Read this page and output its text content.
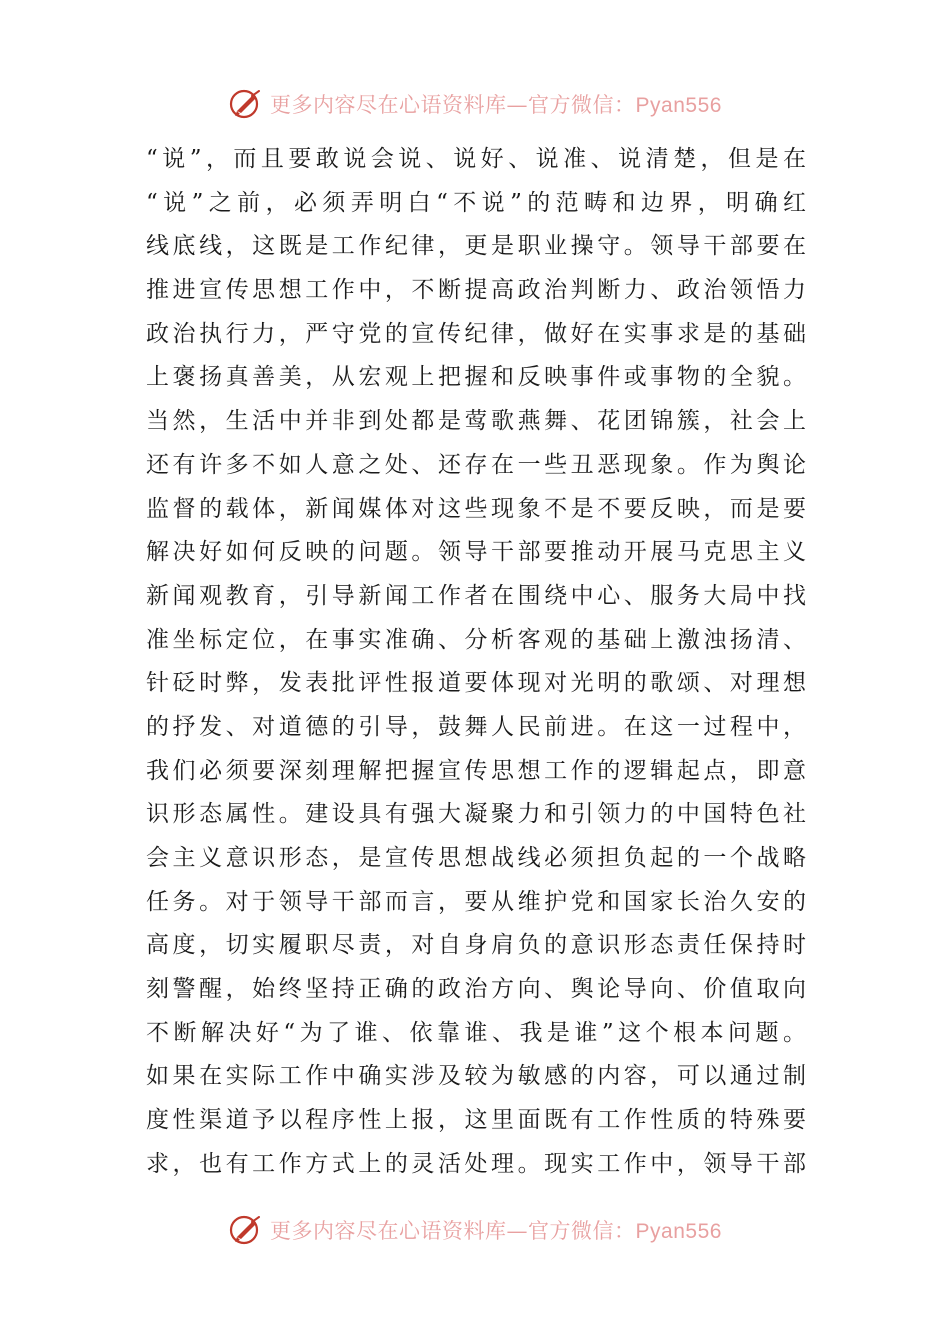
更多内容尽在心语资料库—官方微信：Pyan556
“说”，而且要敢说会说、说好、说准、说清楚，但是在
“说”之前，必须弄明白“不说”的范畴和边界，明确红
线底线，这既是工作纪律，更是职业操守。领导干部要在
推进宣传思想工作中，不断提高政治判断力、政治领悟力
政治执行力，严守党的宣传纪律，做好在实事求是的基础
上褒扬真善美，从宏观上把握和反映事件或事物的全貌。
当然，生活中并非到处都是莺歌燕舞、花团锦簇，社会上
还有许多不如人意之处、还存在一些丑恶现象。作为舆论
监督的载体，新闻媒体对这些现象不是不要反映，而是要
解决好如何反映的问题。领导干部要推动开展马克思主义
新闻观教育，引导新闻工作者在围绕中心、服务大局中找
准坐标定位，在事实准确、分析客观的基础上激浊扬清、
针砭时弊，发表批评性报道要体现对光明的歌颂、对理想
的抒发、对道德的引导，鼓舞人民前进。在这一过程中，
我们必须要深刻理解把握宣传思想工作的逻辑起点，即意
识形态属性。建设具有强大凝聚力和引领力的中国特色社
会主义意识形态，是宣传思想战线必须担负起的一个战略
任务。对于领导干部而言，要从维护党和国家长治久安的
高度，切实履职尽责，对自身肩负的意识形态责任保持时
刻警醒，始终坚持正确的政治方向、舆论导向、价值取向
不断解决好“为了谁、依靠谁、我是谁”这个根本问题。
如果在实际工作中确实涉及较为敏感的内容，可以通过制
度性渠道予以程序性上报，这里面既有工作性质的特殊要
求，也有工作方式上的灵活处理。现实工作中，领导干部
更多内容尽在心语资料库—官方微信：Pyan556
